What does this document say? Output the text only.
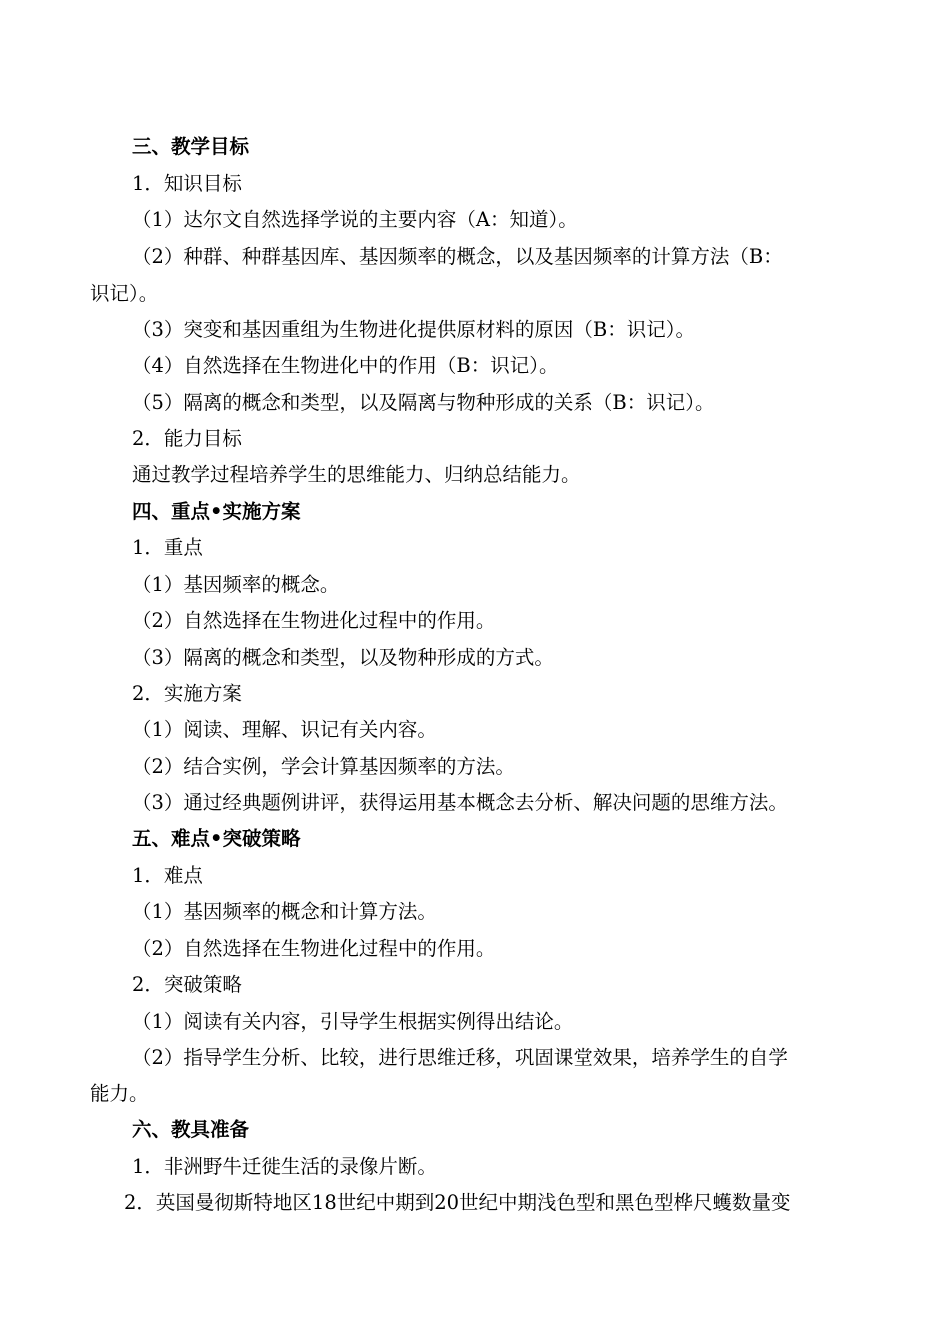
三、教学目标
1．知识目标
（1）达尔文自然选择学说的主要内容（A：知道）。
（2）种群、种群基因库、基因频率的概念，以及基因频率的计算方法（B：
识记）。
（3）突变和基因重组为生物进化提供原材料的原因（B：识记）。
（4）自然选择在生物进化中的作用（B：识记）。
（5）隔离的概念和类型，以及隔离与物种形成的关系（B：识记）。
2．能力目标
通过教学过程培养学生的思维能力、归纳总结能力。
四、重点•实施方案
1．重点
（1）基因频率的概念。
（2）自然选择在生物进化过程中的作用。
（3）隔离的概念和类型，以及物种形成的方式。
2．实施方案
（1）阅读、理解、识记有关内容。
（2）结合实例，学会计算基因频率的方法。
（3）通过经典题例讲评，获得运用基本概念去分析、解决问题的思维方法。
五、难点•突破策略
1．难点
（1）基因频率的概念和计算方法。
（2）自然选择在生物进化过程中的作用。
2．突破策略
（1）阅读有关内容，引导学生根据实例得出结论。
（2）指导学生分析、比较，进行思维迁移，巩固课堂效果，培养学生的自学
能力。
六、教具准备
1．非洲野牛迁徙生活的录像片断。
2．英国曼彻斯特地区18世纪中期到20世纪中期浅色型和黑色型桦尺蠖数量变
